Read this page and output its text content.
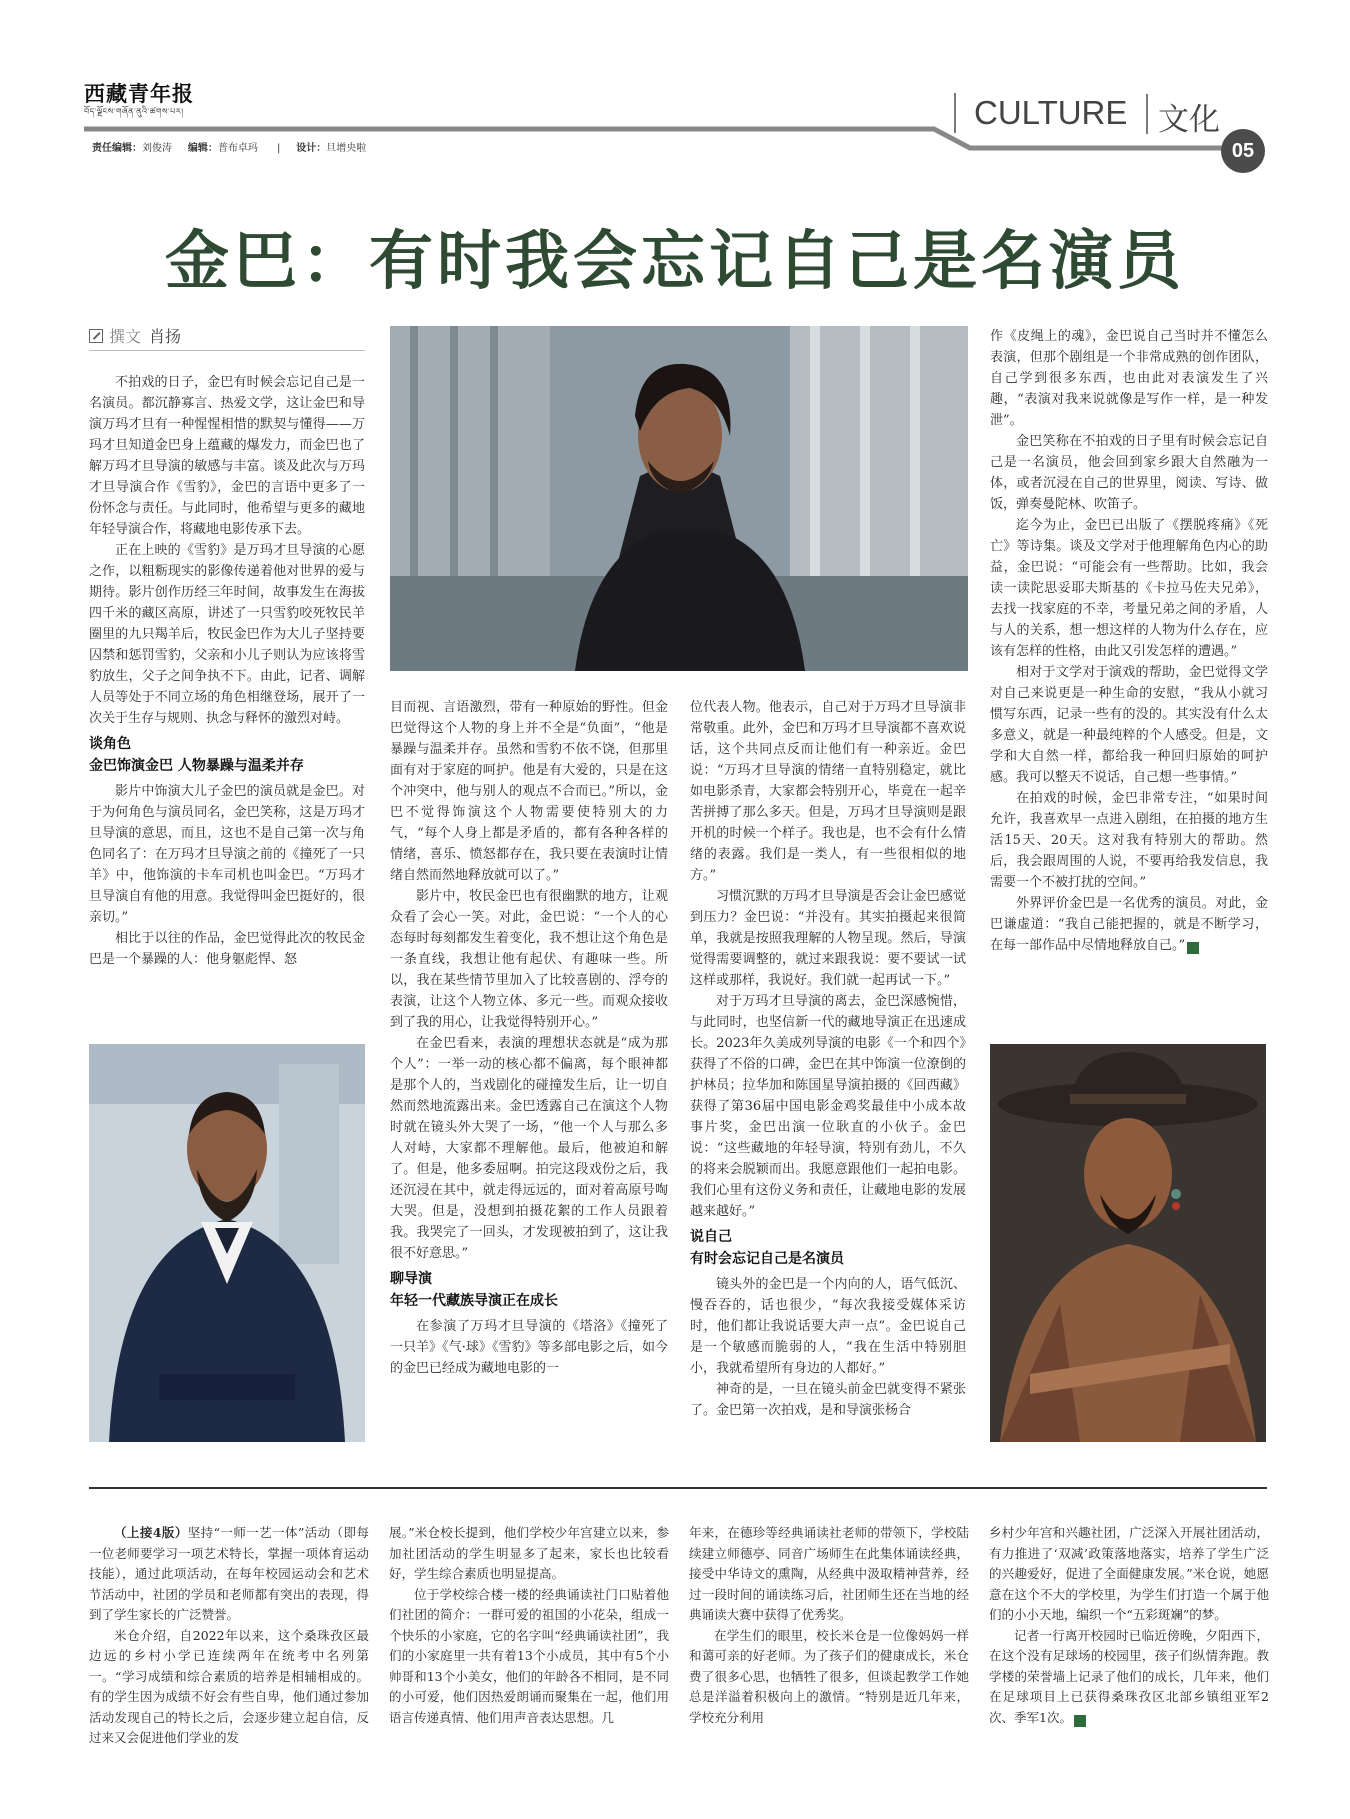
西藏青年报
བོད་ལྗོངས་གཞོན་ནུའི་ཚགས་པར།
责任编辑：刘俊涛 编辑：普布卓玛 | 设计：旦增央啦
CULTURE 文化
05
金巴：有时我会忘记自己是名演员
撰文 肖扬

不拍戏的日子，金巴有时候会忘记自己是一名演员。都沉静寡言、热爱文学，这让金巴和导演万玛才旦有一种惺惺相惜的默契与懂得——万玛才旦知道金巴身上蕴藏的爆发力，而金巴也了解万玛才旦导演的敏感与丰富。谈及此次与万玛才旦导演合作《雪豹》，金巴的言语中更多了一份怀念与责任。与此同时，他希望与更多的藏地年轻导演合作，将藏地电影传承下去。

正在上映的《雪豹》是万玛才旦导演的心愿之作，以粗粝现实的影像传递着他对世界的爱与期待。影片创作历经三年时间，故事发生在海拔四千米的藏区高原，讲述了一只雪豹咬死牧民羊圈里的九只羯羊后，牧民金巴作为大儿子坚持要囚禁和惩罚雪豹，父亲和小儿子则认为应该将雪豹放生，父子之间争执不下。由此，记者、调解人员等处于不同立场的角色相继登场，展开了一次关于生存与规则、执念与释怀的激烈对峙。

谈角色
金巴饰演金巴 人物暴躁与温柔并存

影片中饰演大儿子金巴的演员就是金巴。对于为何角色与演员同名，金巴笑称，这是万玛才旦导演的意思，而且，这也不是自己第一次与角色同名了：在万玛才旦导演之前的《撞死了一只羊》中，他饰演的卡车司机也叫金巴。“万玛才旦导演自有他的用意。我觉得叫金巴挺好的，很亲切。”

相比于以往的作品，金巴觉得此次的牧民金巴是一个暴躁的人：他身躯彪悍、怒

目而视、言语激烈，带有一种原始的野性。但金巴觉得这个人物的身上并不全是“负面”，“他是暴躁与温柔并存。虽然和雪豹不依不饶，但那里面有对于家庭的呵护。他是有大爱的，只是在这个冲突中，他与别人的观点不合而已。”所以，金巴不觉得饰演这个人物需要使特别大的力气，“每个人身上都是矛盾的，都有各种各样的情绪，喜乐、愤怒都存在，我只要在表演时让情绪自然而然地释放就可以了。”

影片中，牧民金巴也有很幽默的地方，让观众看了会心一笑。对此，金巴说：“一个人的心态每时每刻都发生着变化，我不想让这个角色是一条直线，我想让他有起伏、有趣味一些。所以，我在某些情节里加入了比较喜剧的、浮夸的表演，让这个人物立体、多元一些。而观众接收到了我的用心，让我觉得特别开心。”

在金巴看来，表演的理想状态就是“成为那个人”：一举一动的核心都不偏离，每个眼神都是那个人的，当戏剧化的碰撞发生后，让一切自然而然地流露出来。金巴透露自己在演这个人物时就在镜头外大哭了一场，“他一个人与那么多人对峙，大家都不理解他。最后，他被迫和解了。但是，他多委屈啊。拍完这段戏份之后，我还沉浸在其中，就走得远远的，面对着高原号啕大哭。但是，没想到拍摄花絮的工作人员跟着我。我哭完了一回头，才发现被拍到了，这让我很不好意思。”

聊导演
年轻一代藏族导演正在成长

在参演了万玛才旦导演的《塔洛》《撞死了一只羊》《气·球》《雪豹》等多部电影之后，如今的金巴已经成为藏地电影的一

位代表人物。他表示，自己对于万玛才旦导演非常敬重。此外，金巴和万玛才旦导演都不喜欢说话，这个共同点反而让他们有一种亲近。金巴说：“万玛才旦导演的情绪一直特别稳定，就比如电影杀青，大家都会特别开心，毕竟在一起辛苦拼搏了那么多天。但是，万玛才旦导演则是跟开机的时候一个样子。我也是，也不会有什么情绪的表露。我们是一类人，有一些很相似的地方。”

习惯沉默的万玛才旦导演是否会让金巴感觉到压力？金巴说：“并没有。其实拍摄起来很简单，我就是按照我理解的人物呈现。然后，导演觉得需要调整的，就过来跟我说：要不要试一试这样或那样，我说好。我们就一起再试一下。”

对于万玛才旦导演的离去，金巴深感惋惜，与此同时，也坚信新一代的藏地导演正在迅速成长。2023年久美成列导演的电影《一个和四个》获得了不俗的口碑，金巴在其中饰演一位潦倒的护林员；拉华加和陈国星导演拍摄的《回西藏》获得了第36届中国电影金鸡奖最佳中小成本故事片奖，金巴出演一位耿直的小伙子。金巴说：“这些藏地的年轻导演，特别有劲儿，不久的将来会脱颖而出。我愿意跟他们一起拍电影。我们心里有这份义务和责任，让藏地电影的发展越来越好。”

说自己
有时会忘记自己是名演员

镜头外的金巴是一个内向的人，语气低沉、慢吞吞的，话也很少，“每次我接受媒体采访时，他们都让我说话要大声一点”。金巴说自己是一个敏感而脆弱的人，“我在生活中特别胆小，我就希望所有身边的人都好。”

神奇的是，一旦在镜头前金巴就变得不紧张了。金巴第一次拍戏，是和导演张杨合

作《皮绳上的魂》，金巴说自己当时并不懂怎么表演，但那个剧组是一个非常成熟的创作团队，自己学到很多东西，也由此对表演发生了兴趣，“表演对我来说就像是写作一样，是一种发泄”。

金巴笑称在不拍戏的日子里有时候会忘记自己是一名演员，他会回到家乡跟大自然融为一体，或者沉浸在自己的世界里，阅读、写诗、做饭，弹奏曼陀林、吹笛子。

迄今为止，金巴已出版了《摆脱疼痛》《死亡》等诗集。谈及文学对于他理解角色内心的助益，金巴说：“可能会有一些帮助。比如，我会读一读陀思妥耶夫斯基的《卡拉马佐夫兄弟》，去找一找家庭的不幸，考量兄弟之间的矛盾，人与人的关系，想一想这样的人物为什么存在，应该有怎样的性格，由此又引发怎样的遭遇。”

相对于文学对于演戏的帮助，金巴觉得文学对自己来说更是一种生命的安慰，“我从小就习惯写东西，记录一些有的没的。其实没有什么太多意义，就是一种最纯粹的个人感受。但是，文学和大自然一样，都给我一种回归原始的呵护感。我可以整天不说话，自己想一些事情。”

在拍戏的时候，金巴非常专注，“如果时间允许，我喜欢早一点进入剧组，在拍摄的地方生活15天、20天。这对我有特别大的帮助。然后，我会跟周围的人说，不要再给我发信息，我需要一个不被打扰的空间。”

外界评价金巴是一名优秀的演员。对此，金巴谦虚道：“我自己能把握的，就是不断学习，在每一部作品中尽情地释放自己。”	青

（上接4版）坚持“一师一艺一体”活动（即每一位老师要学习一项艺术特长，掌握一项体育运动技能），通过此项活动，在每年校园运动会和艺术节活动中，社团的学员和老师都有突出的表现，得到了学生家长的广泛赞誉。

米仓介绍，自2022年以来，这个桑珠孜区最边远的乡村小学已连续两年在统考中名列第一。“学习成绩和综合素质的培养是相辅相成的。有的学生因为成绩不好会有些自卑，他们通过参加活动发现自己的特长之后，会逐步建立起自信，反过来又会促进他们学业的发

展。”米仓校长提到，他们学校少年宫建立以来，参加社团活动的学生明显多了起来，家长也比较看好，学生综合素质也明显提高。

位于学校综合楼一楼的经典诵读社门口贴着他们社团的简介：一群可爱的祖国的小花朵，组成一个快乐的小家庭，它的名字叫“经典诵读社团”，我们的小家庭里一共有着13个小成员，其中有5个小帅哥和13个小美女，他们的年龄各不相同，是不同的小可爱，他们因热爱朗诵而聚集在一起，他们用语言传递真情、他们用声音表达思想。几

年来，在德珍等经典诵读社老师的带领下，学校陆续建立师德亭、同音广场师生在此集体诵读经典，接受中华诗文的熏陶，从经典中汲取精神营养，经过一段时间的诵读练习后，社团师生还在当地的经典诵读大赛中获得了优秀奖。

在学生们的眼里，校长米仓是一位像妈妈一样和蔼可亲的好老师。为了孩子们的健康成长，米仓费了很多心思，也牺牲了很多，但谈起教学工作她总是洋溢着积极向上的激情。“特别是近几年来，学校充分利用

乡村少年宫和兴趣社团，广泛深入开展社团活动，有力推进了‘双减’政策落地落实，培养了学生广泛的兴趣爱好，促进了全面健康发展。”米仓说，她愿意在这个不大的学校里，为学生们打造一个属于他们的小小天地，编织一个“五彩斑斓”的梦。

记者一行离开校园时已临近傍晚，夕阳西下，在这个没有足球场的校园里，孩子们纵情奔跑。教学楼的荣誉墙上记录了他们的成长，几年来，他们在足球项目上已获得桑珠孜区北部乡镇组亚军2次、季军1次。	青
